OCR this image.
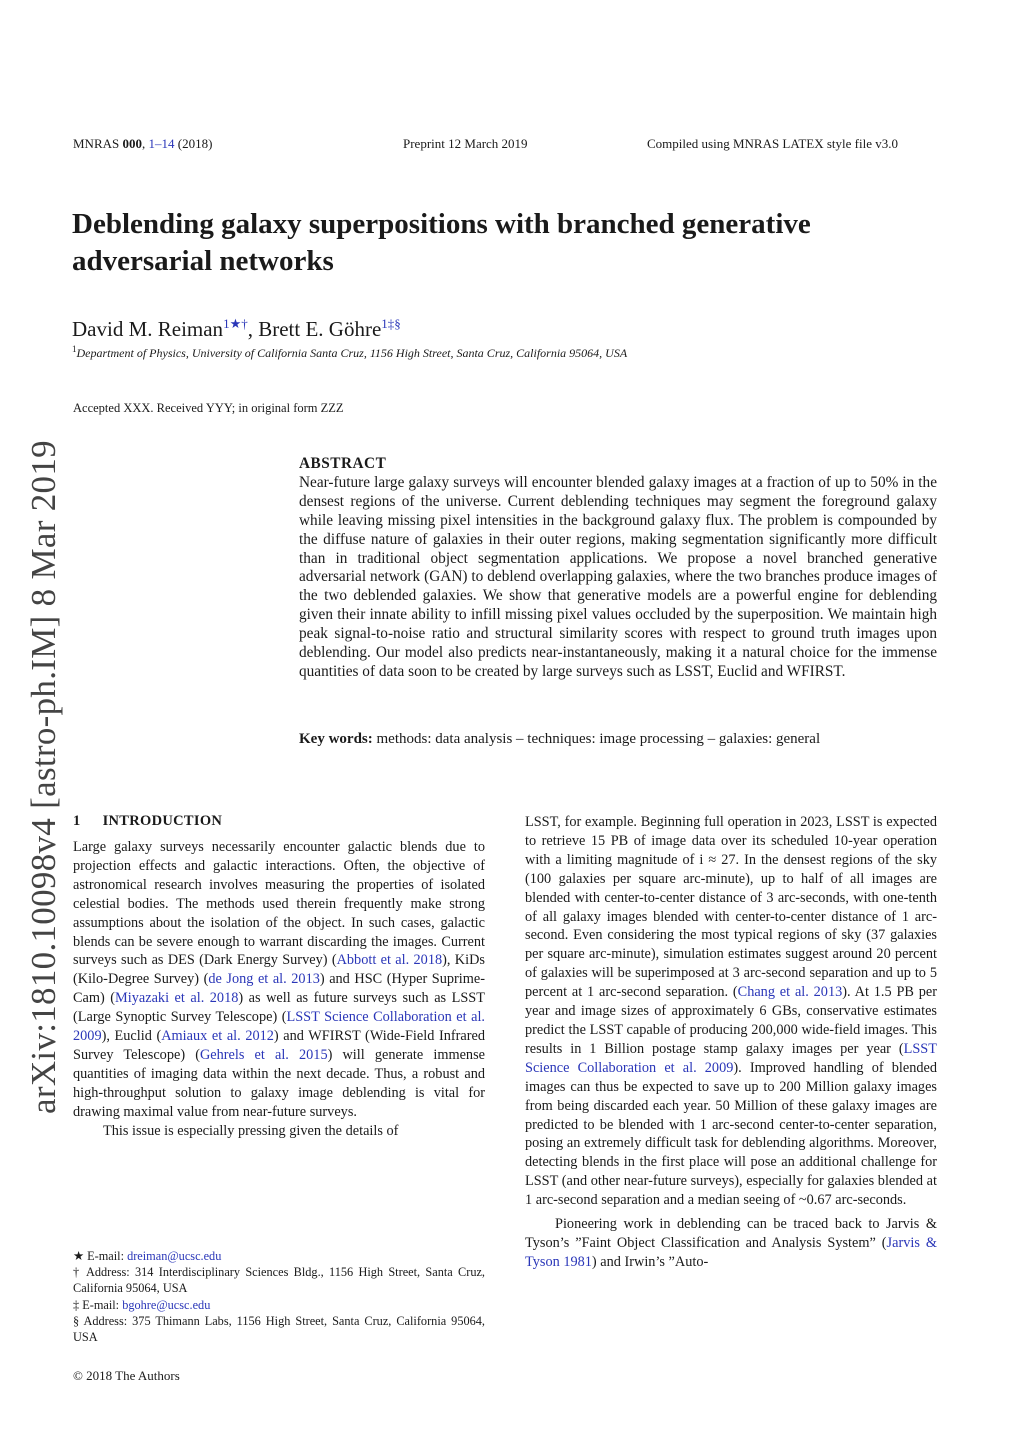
MNRAS 000, 1–14 (2018)	Preprint 12 March 2019	Compiled using MNRAS LATEX style file v3.0
Deblending galaxy superpositions with branched generative adversarial networks
David M. Reiman$^{1★\dagger}$, Brett E. Göhre$^{1\ddagger\S}$
$^1$Department of Physics, University of California Santa Cruz, 1156 High Street, Santa Cruz, California 95064, USA
Accepted XXX. Received YYY; in original form ZZZ
arXiv:1810.10098v4 [astro-ph.IM] 8 Mar 2019	ABSTRACT
Near-future large galaxy surveys will encounter blended galaxy images at a fraction of up to 50% in the densest regions of the universe. Current deblending techniques may segment the foreground galaxy while leaving missing pixel intensities in the background galaxy flux. The problem is compounded by the diffuse nature of galaxies in their outer regions, making segmentation significantly more difficult than in traditional object segmentation applications. We propose a novel branched generative adversarial network (GAN) to deblend overlapping galaxies, where the two branches produce images of the two deblended galaxies. We show that generative models are a powerful engine for deblending given their innate ability to infill missing pixel values occluded by the superposition. We maintain high peak signal-to-noise ratio and structural similarity scores with respect to ground truth images upon deblending. Our model also predicts near-instantaneously, making it a natural choice for the immense quantities of data soon to be created by large surveys such as LSST, Euclid and WFIRST.
Key words: methods: data analysis – techniques: image processing – galaxies: general
1 INTRODUCTION

Large galaxy surveys necessarily encounter galactic blends due to projection effects and galactic interactions. Often, the objective of astronomical research involves measuring the properties of isolated celestial bodies. The methods used therein frequently make strong assumptions about the isolation of the object. In such cases, galactic blends can be severe enough to warrant discarding the images. Current surveys such as DES (Dark Energy Survey) (Abbott et al. 2018), KiDs (Kilo-Degree Survey) (de Jong et al. 2013) and HSC (Hyper Suprime-Cam) (Miyazaki et al. 2018) as well as future surveys such as LSST (Large Synoptic Survey Telescope) (LSST Science Collaboration et al. 2009), Euclid (Amiaux et al. 2012) and WFIRST (Wide-Field Infrared Survey Telescope) (Gehrels et al. 2015) will generate immense quantities of imaging data within the next decade. Thus, a robust and high-throughput solution to galaxy image deblending is vital for drawing maximal value from near-future surveys.

This issue is especially pressing given the details of

LSST, for example. Beginning full operation in 2023, LSST is expected to retrieve 15 PB of image data over its scheduled 10-year operation with a limiting magnitude of i ≈ 27. In the densest regions of the sky (100 galaxies per square arc-minute), up to half of all images are blended with center-to-center distance of 3 arc-seconds, with one-tenth of all galaxy images blended with center-to-center distance of 1 arc-second. Even considering the most typical regions of sky (37 galaxies per square arc-minute), simulation estimates suggest around 20 percent of galaxies will be superimposed at 3 arc-second separation and up to 5 percent at 1 arc-second separation. (Chang et al. 2013). At 1.5 PB per year and image sizes of approximately 6 GBs, conservative estimates predict the LSST capable of producing 200,000 wide-field images. This results in 1 Billion postage stamp galaxy images per year (LSST Science Collaboration et al. 2009). Improved handling of blended images can thus be expected to save up to 200 Million galaxy images from being discarded each year. 50 Million of these galaxy images are predicted to be blended with 1 arc-second center-to-center separation, posing an extremely difficult task for deblending algorithms. Moreover, detecting blends in the first place will pose an additional challenge for LSST (and other near-future surveys), especially for galaxies blended at 1 arc-second separation and a median seeing of ~0.67 arc-seconds.

Pioneering work in deblending can be traced back to Jarvis & Tyson’s ”Faint Object Classification and Analysis System” (Jarvis & Tyson 1981) and Irwin’s ”Auto-

★ E-mail: dreiman@ucsc.edu

† Address: 314 Interdisciplinary Sciences Bldg., 1156 High Street, Santa Cruz, California 95064, USA

‡ E-mail: bgohre@ucsc.edu

§ Address: 375 Thimann Labs, 1156 High Street, Santa Cruz, California 95064, USA

© 2018 The Authors
